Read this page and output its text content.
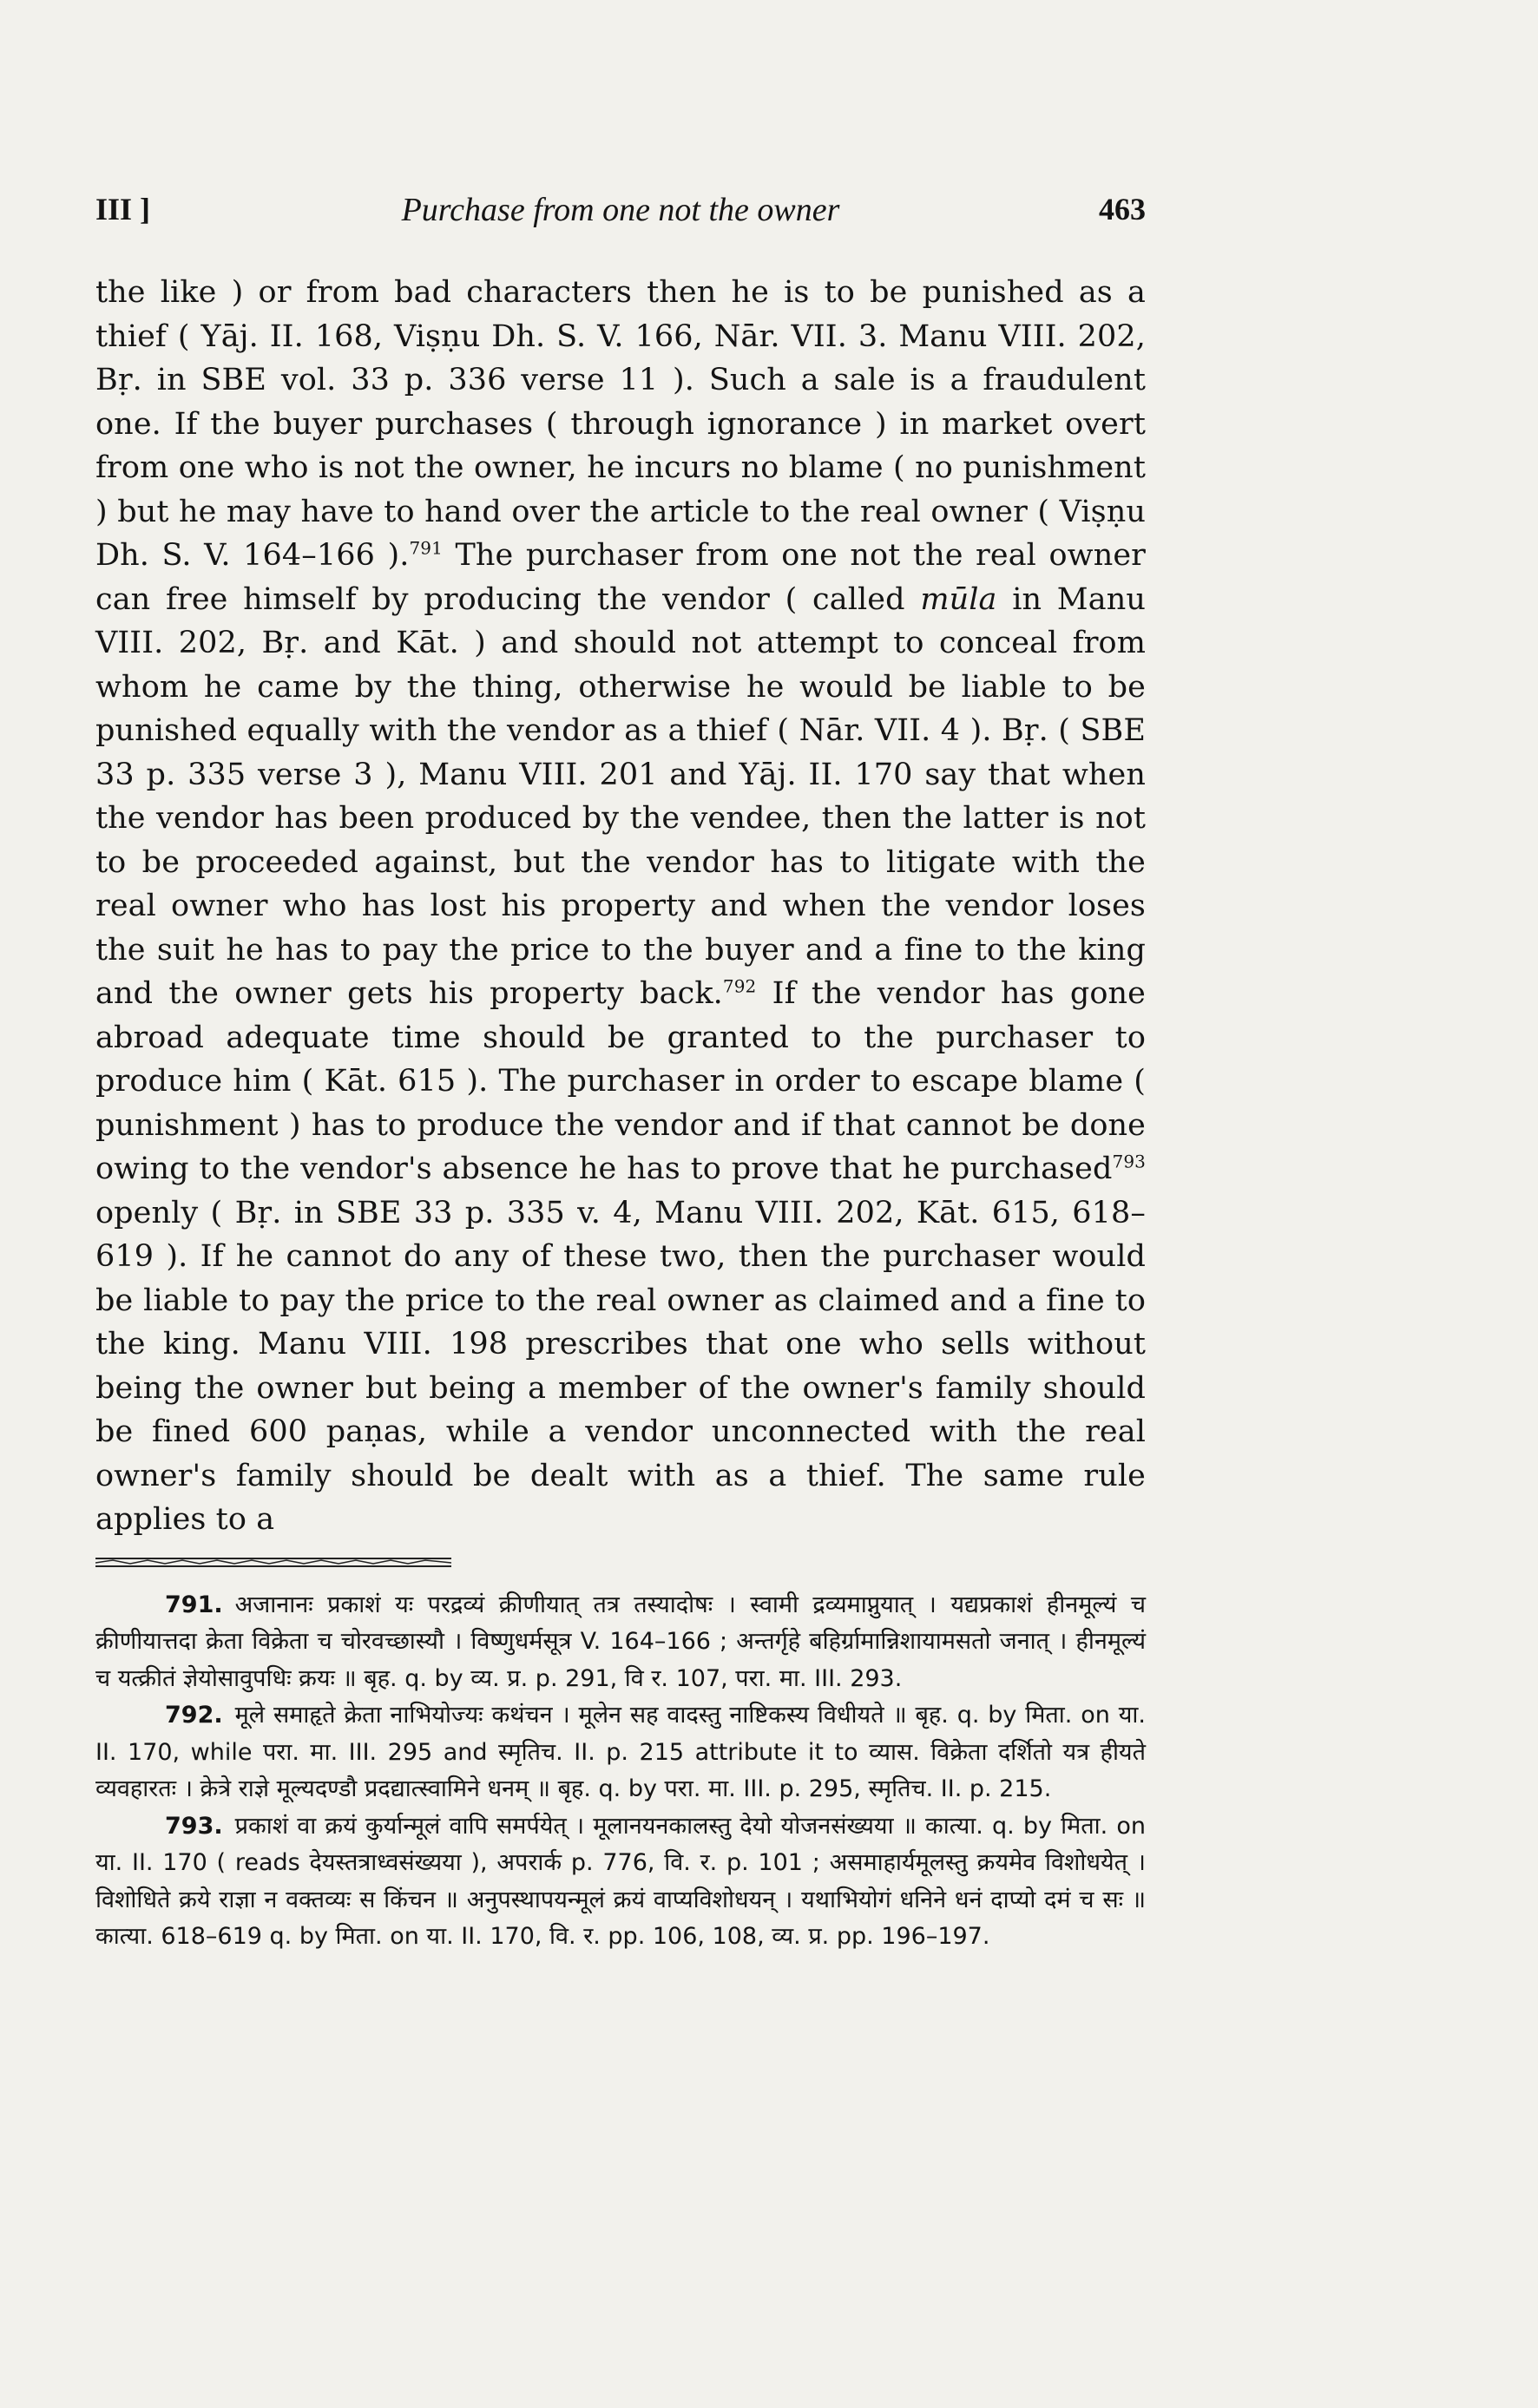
III ]	Purchase from one not the owner	463
the like ) or from bad characters then he is to be punished as a thief ( Yāj. II. 168, Viṣṇu Dh. S. V. 166, Nār. VII. 3. Manu VIII. 202, Bṛ. in SBE vol. 33 p. 336 verse 11 ). Such a sale is a fraudulent one. If the buyer purchases ( through ignorance ) in market overt from one who is not the owner, he incurs no blame ( no punishment ) but he may have to hand over the article to the real owner ( Viṣṇu Dh. S. V. 164–166 ).$^{791}$ The purchaser from one not the real owner can free himself by producing the vendor ( called mūla in Manu VIII. 202, Bṛ. and Kāt. ) and should not attempt to conceal from whom he came by the thing, otherwise he would be liable to be punished equally with the vendor as a thief ( Nār. VII. 4 ). Bṛ. ( SBE 33 p. 335 verse 3 ), Manu VIII. 201 and Yāj. II. 170 say that when the vendor has been produced by the vendee, then the latter is not to be proceeded against, but the vendor has to litigate with the real owner who has lost his property and when the vendor loses the suit he has to pay the price to the buyer and a fine to the king and the owner gets his property back.$^{792}$ If the vendor has gone abroad adequate time should be granted to the purchaser to produce him ( Kāt. 615 ). The purchaser in order to escape blame ( punishment ) has to produce the vendor and if that cannot be done owing to the vendor's absence he has to prove that he purchased$^{793}$ openly ( Bṛ. in SBE 33 p. 335 v. 4, Manu VIII. 202, Kāt. 615, 618–619 ). If he cannot do any of these two, then the purchaser would be liable to pay the price to the real owner as claimed and a fine to the king. Manu VIII. 198 prescribes that one who sells without being the owner but being a member of the owner's family should be fined 600 paṇas, while a vendor unconnected with the real owner's family should be dealt with as a thief. The same rule applies to a

791. अजानानः प्रकाशं यः परद्रव्यं क्रीणीयात् तत्र तस्यादोषः । स्वामी द्रव्यमाप्नुयात् । यद्यप्रकाशं हीनमूल्यं च क्रीणीयात्तदा क्रेता विक्रेता च चोरवच्छास्यौ । विष्णुधर्मसूत्र V. 164–166 ; अन्तर्गृहे बहिर्ग्रामान्निशायामसतो जनात् । हीनमूल्यं च यत्क्रीतं ज्ञेयोसावुपधिः क्रयः ॥ बृह. q. by व्य. प्र. p. 291, वि र. 107, परा. मा. III. 293.

792. मूले समाहृते क्रेता नाभियोज्यः कथंचन । मूलेन सह वादस्तु नाष्टिकस्य विधीयते ॥ बृह. q. by मिता. on या. II. 170, while परा. मा. III. 295 and स्मृतिच. II. p. 215 attribute it to व्यास. विक्रेता दर्शितो यत्र हीयते व्यवहारतः । क्रेत्रे राज्ञे मूल्यदण्डौ प्रदद्यात्स्वामिने धनम् ॥ बृह. q. by परा. मा. III. p. 295, स्मृतिच. II. p. 215.

793. प्रकाशं वा क्रयं कुर्यान्मूलं वापि समर्पयेत् । मूलानयनकालस्तु देयो योजनसंख्यया ॥ कात्या. q. by मिता. on या. II. 170 ( reads देयस्तत्राध्वसंख्यया ), अपरार्क p. 776, वि. र. p. 101 ; असमाहार्यमूलस्तु क्रयमेव विशोधयेत् । विशोधिते क्रये राज्ञा न वक्तव्यः स किंचन ॥ अनुपस्थापयन्मूलं क्रयं वाप्यविशोधयन् । यथाभियोगं धनिने धनं दाप्यो दमं च सः ॥ कात्या. 618–619 q. by मिता. on या. II. 170, वि. र. pp. 106, 108, व्य. प्र. pp. 196–197.
